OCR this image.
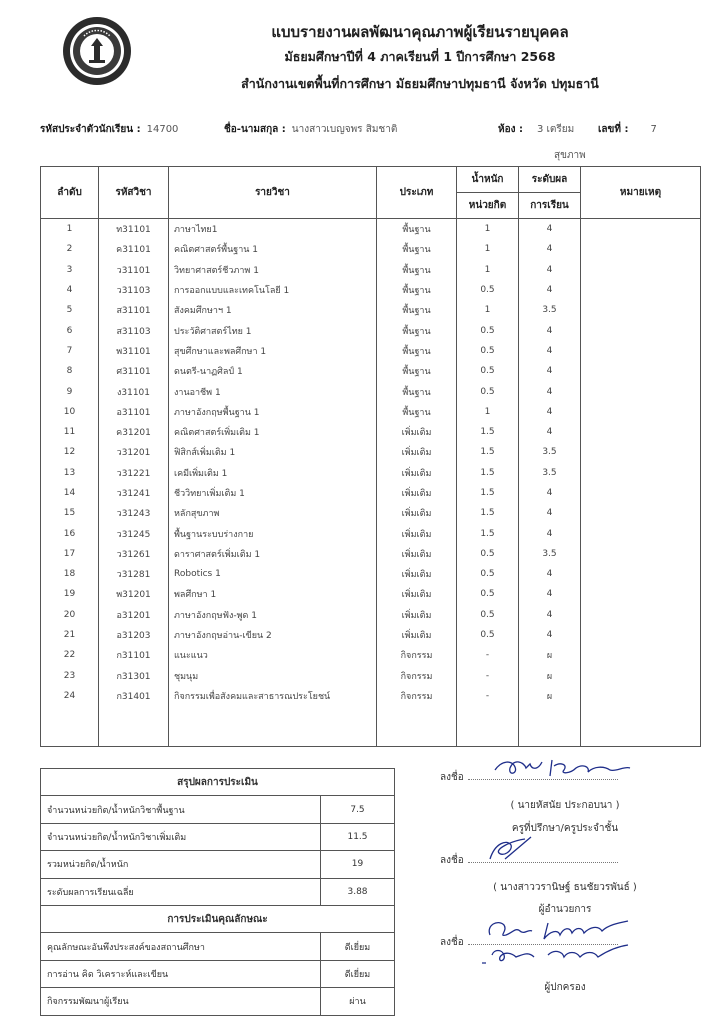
แบบรายงานผลพัฒนาคุณภาพผู้เรียนรายบุคคล
มัธยมศึกษาปีที่ 4 ภาคเรียนที่ 1 ปีการศึกษา 2568
สำนักงานเขตพื้นที่การศึกษา มัธยมศึกษาปทุมธานี จังหวัด ปทุมธานี
รหัสประจำตัวนักเรียน : 14700	ชื่อ-นามสกุล : นางสาวเบญจพร สิมชาติ	ห้อง : 3 เตรียม
สุขภาพ
เลขที่ : 7
ลำดับ	รหัสวิชา	รายวิชา	ประเภท	น้ำหนัก	ระดับผล	หมายเหตุ
				หน่วยกิต	การเรียน	
1	ท31101	ภาษาไทย1	พื้นฐาน	1	4	
2	ค31101	คณิตศาสตร์พื้นฐาน 1	พื้นฐาน	1	4	
3	ว31101	วิทยาศาสตร์ชีวภาพ 1	พื้นฐาน	1	4	
4	ว31103	การออกแบบและเทคโนโลยี 1	พื้นฐาน	0.5	4	
5	ส31101	สังคมศึกษาฯ 1	พื้นฐาน	1	3.5	
6	ส31103	ประวัติศาสตร์ไทย 1	พื้นฐาน	0.5	4	
7	พ31101	สุขศึกษาและพลศึกษา 1	พื้นฐาน	0.5	4	
8	ศ31101	ดนตรี-นาฏศิลป์ 1	พื้นฐาน	0.5	4	
9	ง31101	งานอาชีพ 1	พื้นฐาน	0.5	4	
10	อ31101	ภาษาอังกฤษพื้นฐาน 1	พื้นฐาน	1	4	
11	ค31201	คณิตศาสตร์เพิ่มเติม 1	เพิ่มเติม	1.5	4	
12	ว31201	ฟิสิกส์เพิ่มเติม 1	เพิ่มเติม	1.5	3.5	
13	ว31221	เคมีเพิ่มเติม 1	เพิ่มเติม	1.5	3.5	
14	ว31241	ชีววิทยาเพิ่มเติม 1	เพิ่มเติม	1.5	4	
15	ว31243	หลักสุขภาพ	เพิ่มเติม	1.5	4	
16	ว31245	พื้นฐานระบบร่างกาย	เพิ่มเติม	1.5	4	
17	ว31261	ดาราศาสตร์เพิ่มเติม 1	เพิ่มเติม	0.5	3.5	
18	ว31281	Robotics 1	เพิ่มเติม	0.5	4	
19	พ31201	พลศึกษา 1	เพิ่มเติม	0.5	4	
20	อ31201	ภาษาอังกฤษฟัง-พูด 1	เพิ่มเติม	0.5	4	
21	อ31203	ภาษาอังกฤษอ่าน-เขียน 2	เพิ่มเติม	0.5	4	
22	ก31101	แนะแนว	กิจกรรม	-	ผ	
23	ก31301	ชุมนุม	กิจกรรม	-	ผ	
24	ก31401	กิจกรรมเพื่อสังคมและสาธารณประโยชน์	กิจกรรม	-	ผ	

สรุปผลการประเมิน	
จำนวนหน่วยกิต/น้ำหนักวิชาพื้นฐาน	7.5
จำนวนหน่วยกิต/น้ำหนักวิชาเพิ่มเติม	11.5
รวมหน่วยกิต/น้ำหนัก	19
ระดับผลการเรียนเฉลี่ย	3.88
การประเมินคุณลักษณะ	
คุณลักษณะอันพึงประสงค์ของสถานศึกษา	ดีเยี่ยม
การอ่าน คิด วิเคราะห์และเขียน	ดีเยี่ยม
กิจกรรมพัฒนาผู้เรียน	ผ่าน
ลงชื่อ
( นายหัสนัย ประกอบนา )
ครูที่ปรึกษา/ครูประจำชั้น
ลงชื่อ
( นางสาววรานิษฐ์ ธนชัยวรพันธ์ )
ผู้อำนวยการ
ลงชื่อ
ผู้ปกครอง
